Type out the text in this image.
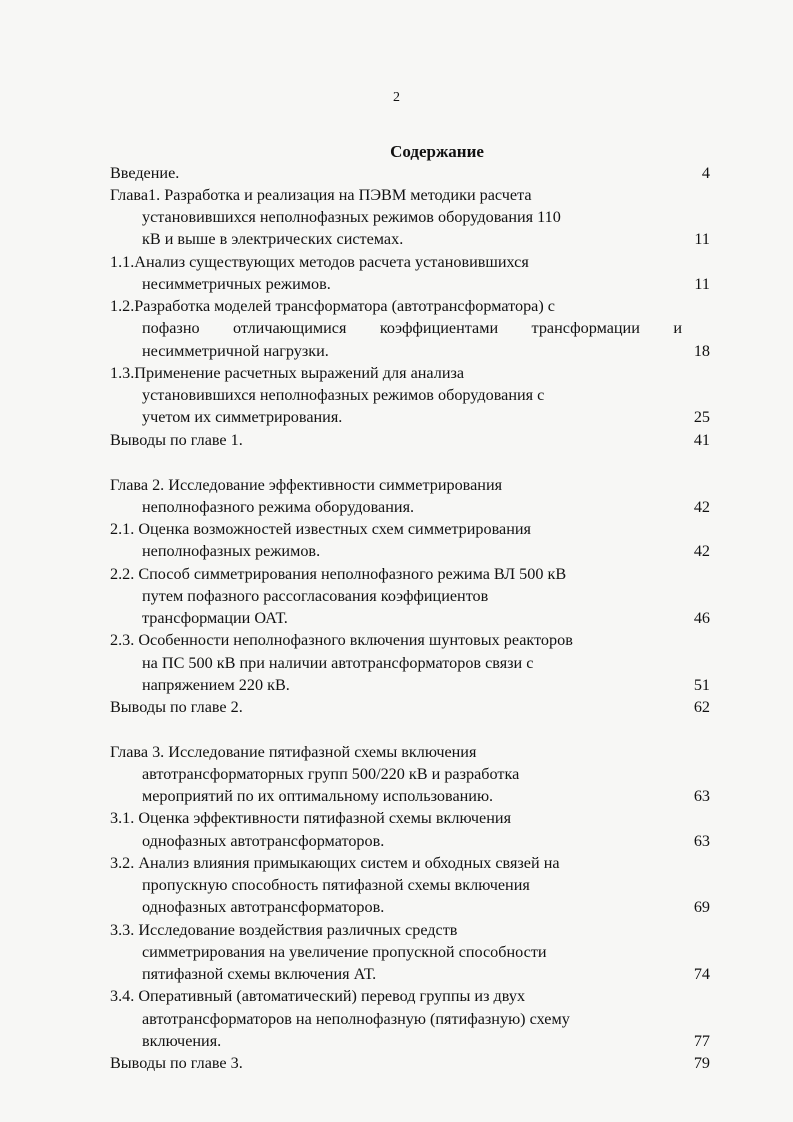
2
Содержание
Введение.	4
Глава1. Разработка и реализация на ПЭВМ методики расчета
установившихся неполнофазных режимов оборудования 110
кВ и выше в электрических системах.	11
1.1.Анализ существующих методов расчета установившихся
несимметричных режимов.	11
1.2.Разработка моделей трансформатора (автотрансформатора) с
пофазно отличающимися коэффициентами трансформации и
несимметричной нагрузки.	18
1.3.Применение расчетных выражений для анализа
установившихся неполнофазных режимов оборудования с
учетом их симметрирования.	25
Выводы по главе 1.	41
Глава 2. Исследование эффективности симметрирования
неполнофазного режима оборудования.	42
2.1. Оценка возможностей известных схем симметрирования
неполнофазных режимов.	42
2.2. Способ симметрирования неполнофазного режима ВЛ 500 кВ
путем пофазного рассогласования коэффициентов
трансформации ОАТ.	46
2.3. Особенности неполнофазного включения шунтовых реакторов
на ПС 500 кВ при наличии автотрансформаторов связи с
напряжением 220 кВ.	51
Выводы по главе 2.	62
Глава 3. Исследование пятифазной схемы включения
автотрансформаторных групп 500/220 кВ и разработка
мероприятий по их оптимальному использованию.	63
3.1. Оценка эффективности пятифазной схемы включения
однофазных автотрансформаторов.	63
3.2. Анализ влияния примыкающих систем и обходных связей на
пропускную способность пятифазной схемы включения
однофазных автотрансформаторов.	69
3.3. Исследование воздействия различных средств
симметрирования на увеличение пропускной способности
пятифазной схемы включения АТ.	74
3.4. Оперативный (автоматический) перевод группы из двух
автотрансформаторов на неполнофазную (пятифазную) схему
включения.	77
Выводы по главе 3.	79
